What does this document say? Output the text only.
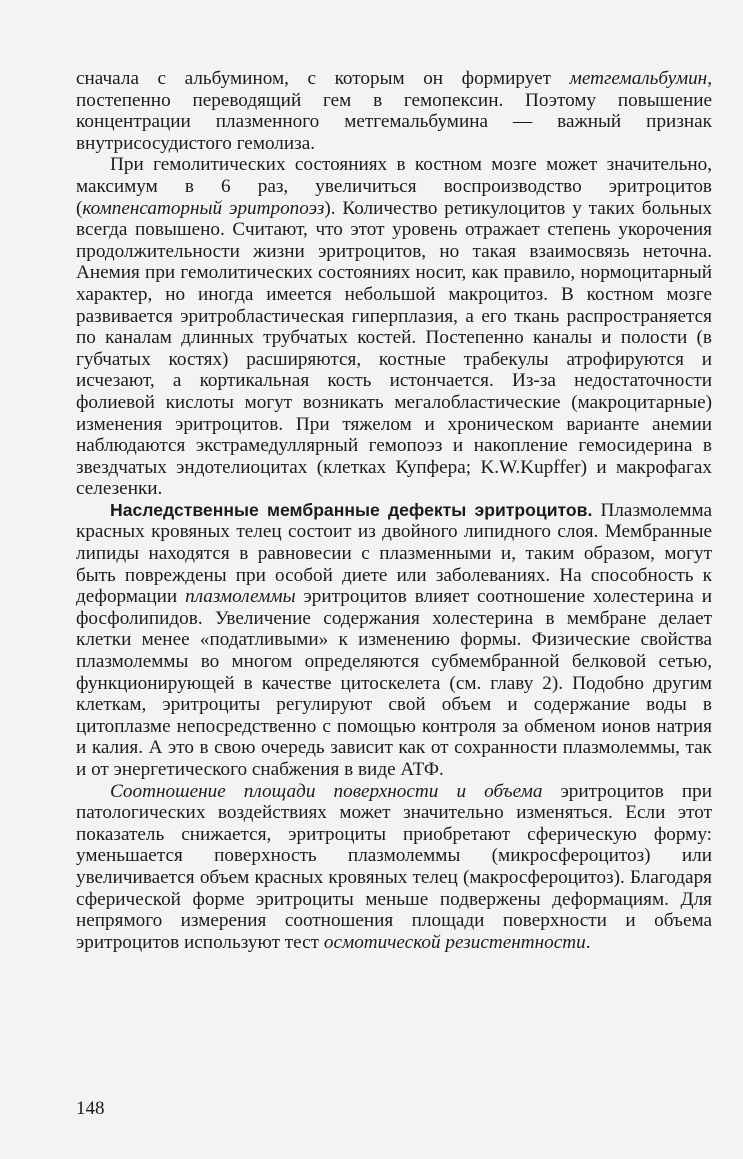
сначала с альбумином, с которым он формирует метгемальбумин, постепенно переводящий гем в гемопексин. Поэтому повышение концентрации плазменного метгемальбумина — важный признак внутрисосудистого гемолиза.

При гемолитических состояниях в костном мозге может значительно, максимум в 6 раз, увеличиться воспроизводство эритроцитов (компенсаторный эритропоэз). Количество ретикулоцитов у таких больных всегда повышено. Считают, что этот уровень отражает степень укорочения продолжительности жизни эритроцитов, но такая взаимосвязь неточна. Анемия при гемолитических состояниях носит, как правило, нормоцитарный характер, но иногда имеется небольшой макроцитоз. В костном мозге развивается эритробластическая гиперплазия, а его ткань распространяется по каналам длинных трубчатых костей. Постепенно каналы и полости (в губчатых костях) расширяются, костные трабекулы атрофируются и исчезают, а кортикальная кость истончается. Из-за недостаточности фолиевой кислоты могут возникать мегалобластические (макроцитарные) изменения эритроцитов. При тяжелом и хроническом варианте анемии наблюдаются экстрамедуллярный гемопоэз и накопление гемосидерина в звездчатых эндотелиоцитах (клетках Купфера; K.W.Kupffer) и макрофагах селезенки.

Наследственные мембранные дефекты эритроцитов. Плазмолемма красных кровяных телец состоит из двойного липидного слоя. Мембранные липиды находятся в равновесии с плазменными и, таким образом, могут быть повреждены при особой диете или заболеваниях. На способность к деформации плазмолеммы эритроцитов влияет соотношение холестерина и фосфолипидов. Увеличение содержания холестерина в мембране делает клетки менее «податливыми» к изменению формы. Физические свойства плазмолеммы во многом определяются субмембранной белковой сетью, функционирующей в качестве цитоскелета (см. главу 2). Подобно другим клеткам, эритроциты регулируют свой объем и содержание воды в цитоплазме непосредственно с помощью контроля за обменом ионов натрия и калия. А это в свою очередь зависит как от сохранности плазмолеммы, так и от энергетического снабжения в виде АТФ.

Соотношение площади поверхности и объема эритроцитов при патологических воздействиях может значительно изменяться. Если этот показатель снижается, эритроциты приобретают сферическую форму: уменьшается поверхность плазмолеммы (микросфероцитоз) или увеличивается объем красных кровяных телец (макросфероцитоз). Благодаря сферической форме эритроциты меньше подвержены деформациям. Для непрямого измерения соотношения площади поверхности и объема эритроцитов используют тест осмотической резистентности.

148
